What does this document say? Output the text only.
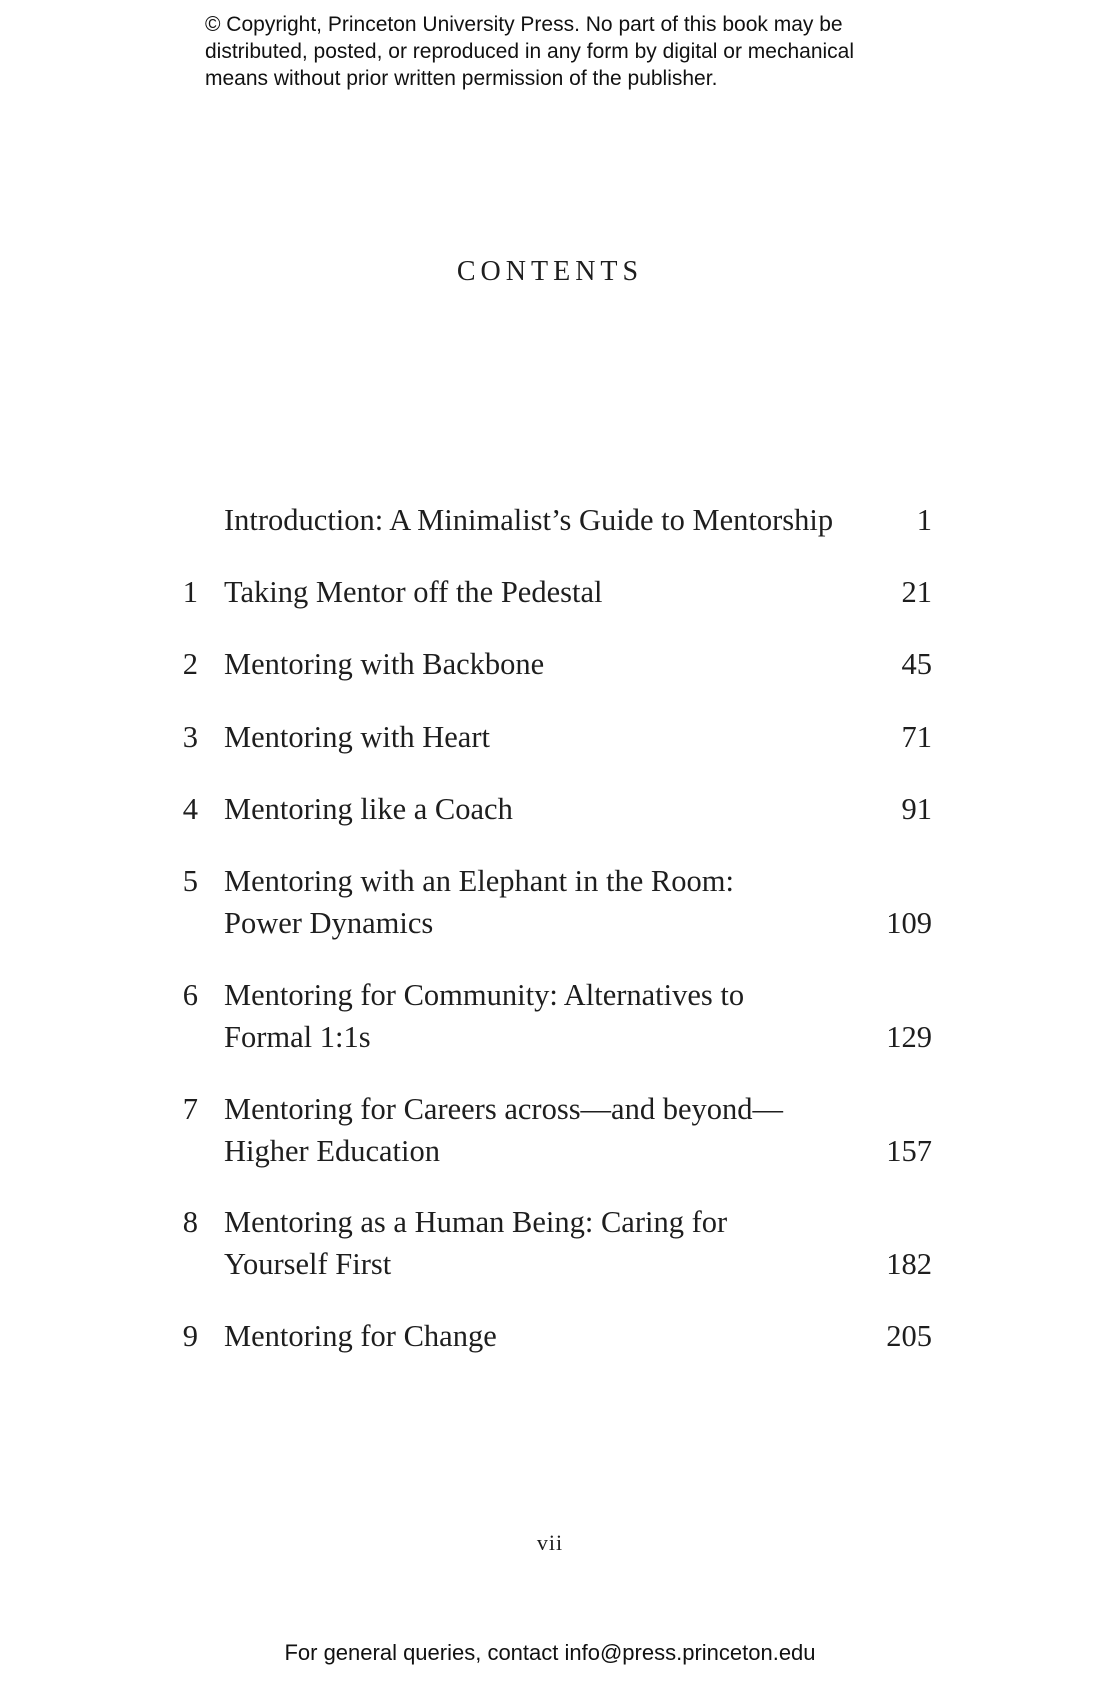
© Copyright, Princeton University Press. No part of this book may be
distributed, posted, or reproduced in any form by digital or mechanical
means without prior written permission of the publisher.
CONTENTS
Introduction: A Minimalist’s Guide to Mentorship	1
1 Taking Mentor off the Pedestal	21
2 Mentoring with Backbone	45
3 Mentoring with Heart	71
4 Mentoring like a Coach	91
5 Mentoring with an Elephant in the Room:
Power Dynamics	109
6 Mentoring for Community: Alternatives to
Formal 1:1s	129
7 Mentoring for Careers across—and beyond—
Higher Education	157
8 Mentoring as a Human Being: Caring for
Yourself First	182
9 Mentoring for Change	205
vii
For general queries, contact info@press.princeton.edu
